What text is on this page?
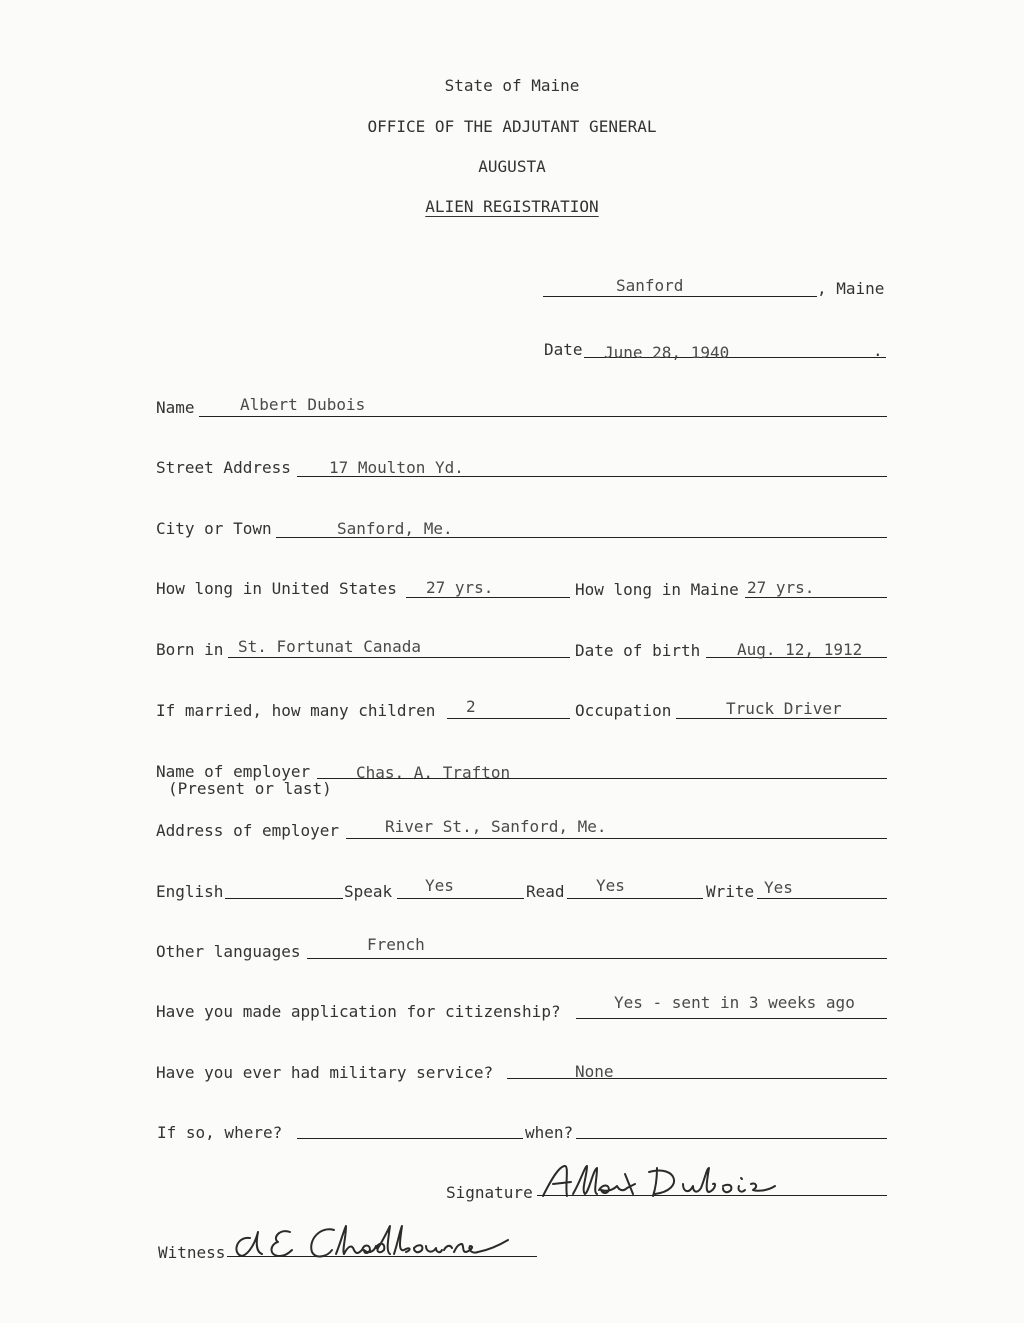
State of Maine
OFFICE OF THE ADJUTANT GENERAL
AUGUSTA
ALIEN REGISTRATION
Sanford	, Maine
Date June 28, 1940	.
Name	Albert Dubois
Street Address 17 Moulton Yd.
City or Town	Sanford, Me.
How long in United States 27 yrs.	How long in Maine 27 yrs.
Born in St. Fortunat Canada	Date of birth Aug. 12, 1912
If married, how many children 2	Occupation	Truck Driver
Name of employer	Chas. A. Trafton
(Present or last)
Address of employer	River St., Sanford, Me.
English	Speak Yes	Read Yes	Write Yes
Other languages	French
Have you made application for citizenship?	Yes - sent in 3 weeks ago
Have you ever had military service?	None
If so, where?	when?
Signature
Witness
